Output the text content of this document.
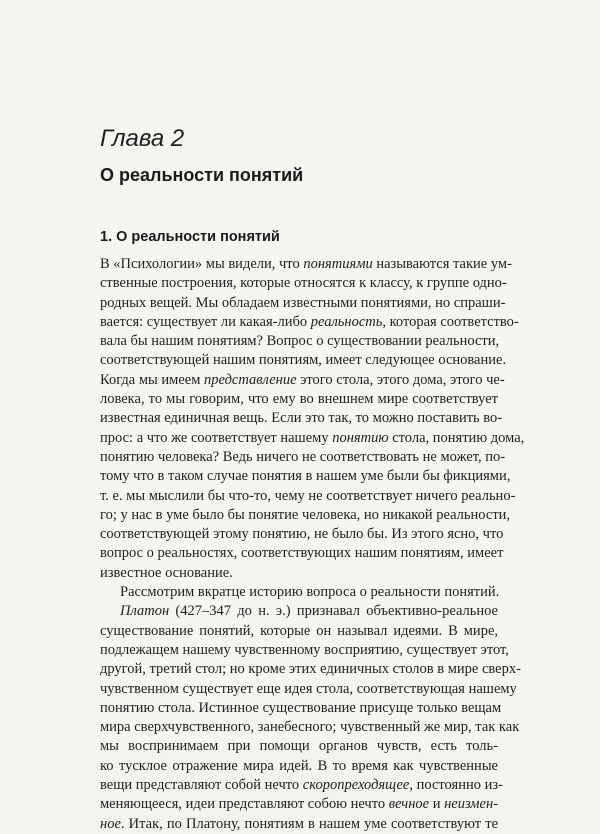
Глава 2
О реальности понятий
1. О реальности понятий
В «Психологии» мы видели, что понятиями называются такие ум-
ственные построения, которые относятся к классу, к группе одно-
родных вещей. Мы обладаем известными понятиями, но спраши-
вается: существует ли какая-либо реальность, которая соответство-
вала бы нашим понятиям? Вопрос о существовании реальности,
соответствующей нашим понятиям, имеет следующее основание.
Когда мы имеем представление этого стола, этого дома, этого че-
ловека, то мы говорим, что ему во внешнем мире соответствует
известная единичная вещь. Если это так, то можно поставить во-
прос: а что же соответствует нашему понятию стола, понятию дома,
понятию человека? Ведь ничего не соответствовать не может, по-
тому что в таком случае понятия в нашем уме были бы фикциями,
т. е. мы мыслили бы что-то, чему не соответствует ничего реально-
го; у нас в уме было бы понятие человека, но никакой реальности,
соответствующей этому понятию, не было бы. Из этого ясно, что
вопрос о реальностях, соответствующих нашим понятиям, имеет
известное основание.
Рассмотрим вкратце историю вопроса о реальности понятий.
Платон (427–347 до н. э.) признавал объективно-реальное
существование понятий, которые он называл идеями. В мире,
подлежащем нашему чувственному восприятию, существует этот,
другой, третий стол; но кроме этих единичных столов в мире сверх-
чувственном существует еще идея стола, соответствующая нашему
понятию стола. Истинное существование присуще только вещам
мира сверхчувственного, занебесного; чувственный же мир, так как
мы воспринимаем при помощи органов чувств, есть толь-
ко тусклое отражение мира идей. В то время как чувственные
вещи представляют собой нечто скоропреходящее, постоянно из-
меняющееся, идеи представляют собою нечто вечное и неизмен-
ное. Итак, по Платону, понятиям в нашем уме соответствуют те
